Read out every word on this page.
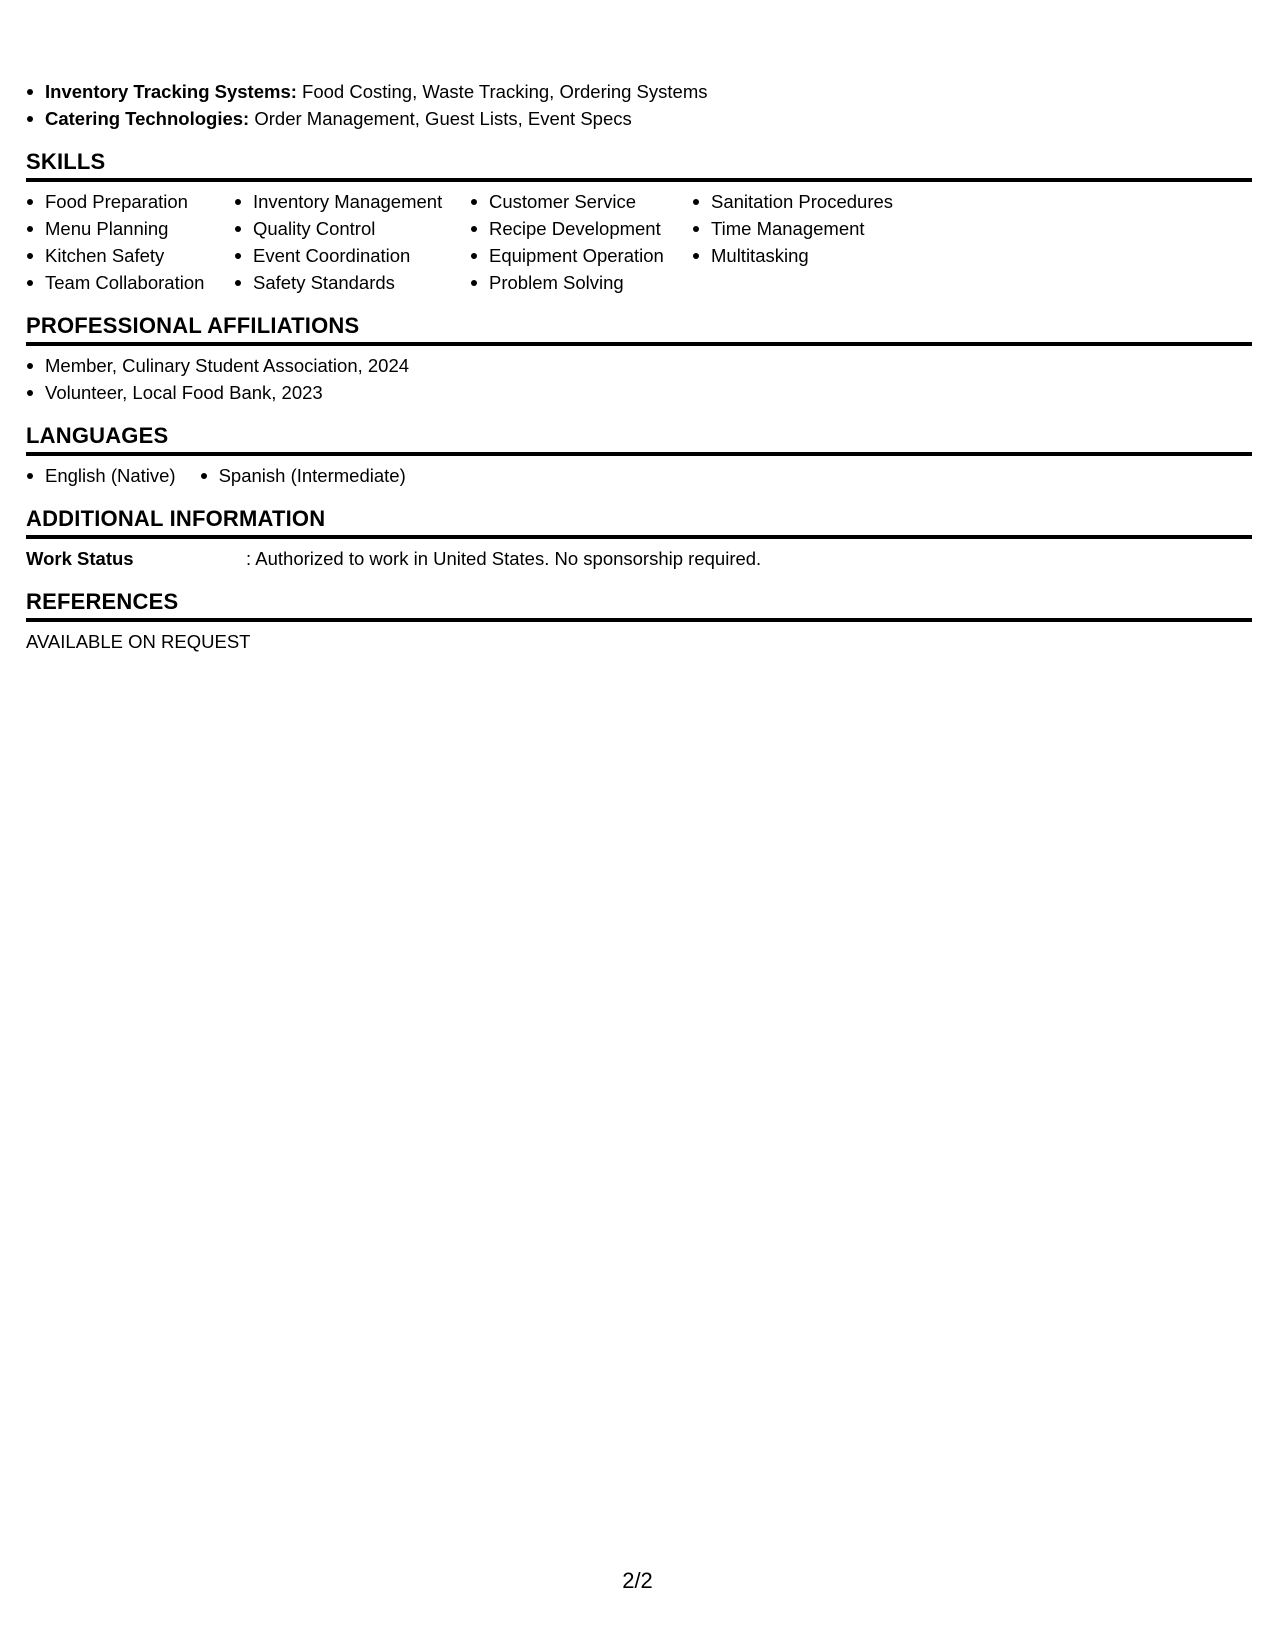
Inventory Tracking Systems: Food Costing, Waste Tracking, Ordering Systems
Catering Technologies: Order Management, Guest Lists, Event Specs
SKILLS
Food Preparation
Menu Planning
Kitchen Safety
Team Collaboration
Inventory Management
Quality Control
Event Coordination
Safety Standards
Customer Service
Recipe Development
Equipment Operation
Problem Solving
Sanitation Procedures
Time Management
Multitasking
PROFESSIONAL AFFILIATIONS
Member, Culinary Student Association, 2024
Volunteer, Local Food Bank, 2023
LANGUAGES
English (Native)	Spanish (Intermediate)
ADDITIONAL INFORMATION
Work Status	: Authorized to work in United States. No sponsorship required.
REFERENCES
AVAILABLE ON REQUEST
2/2
